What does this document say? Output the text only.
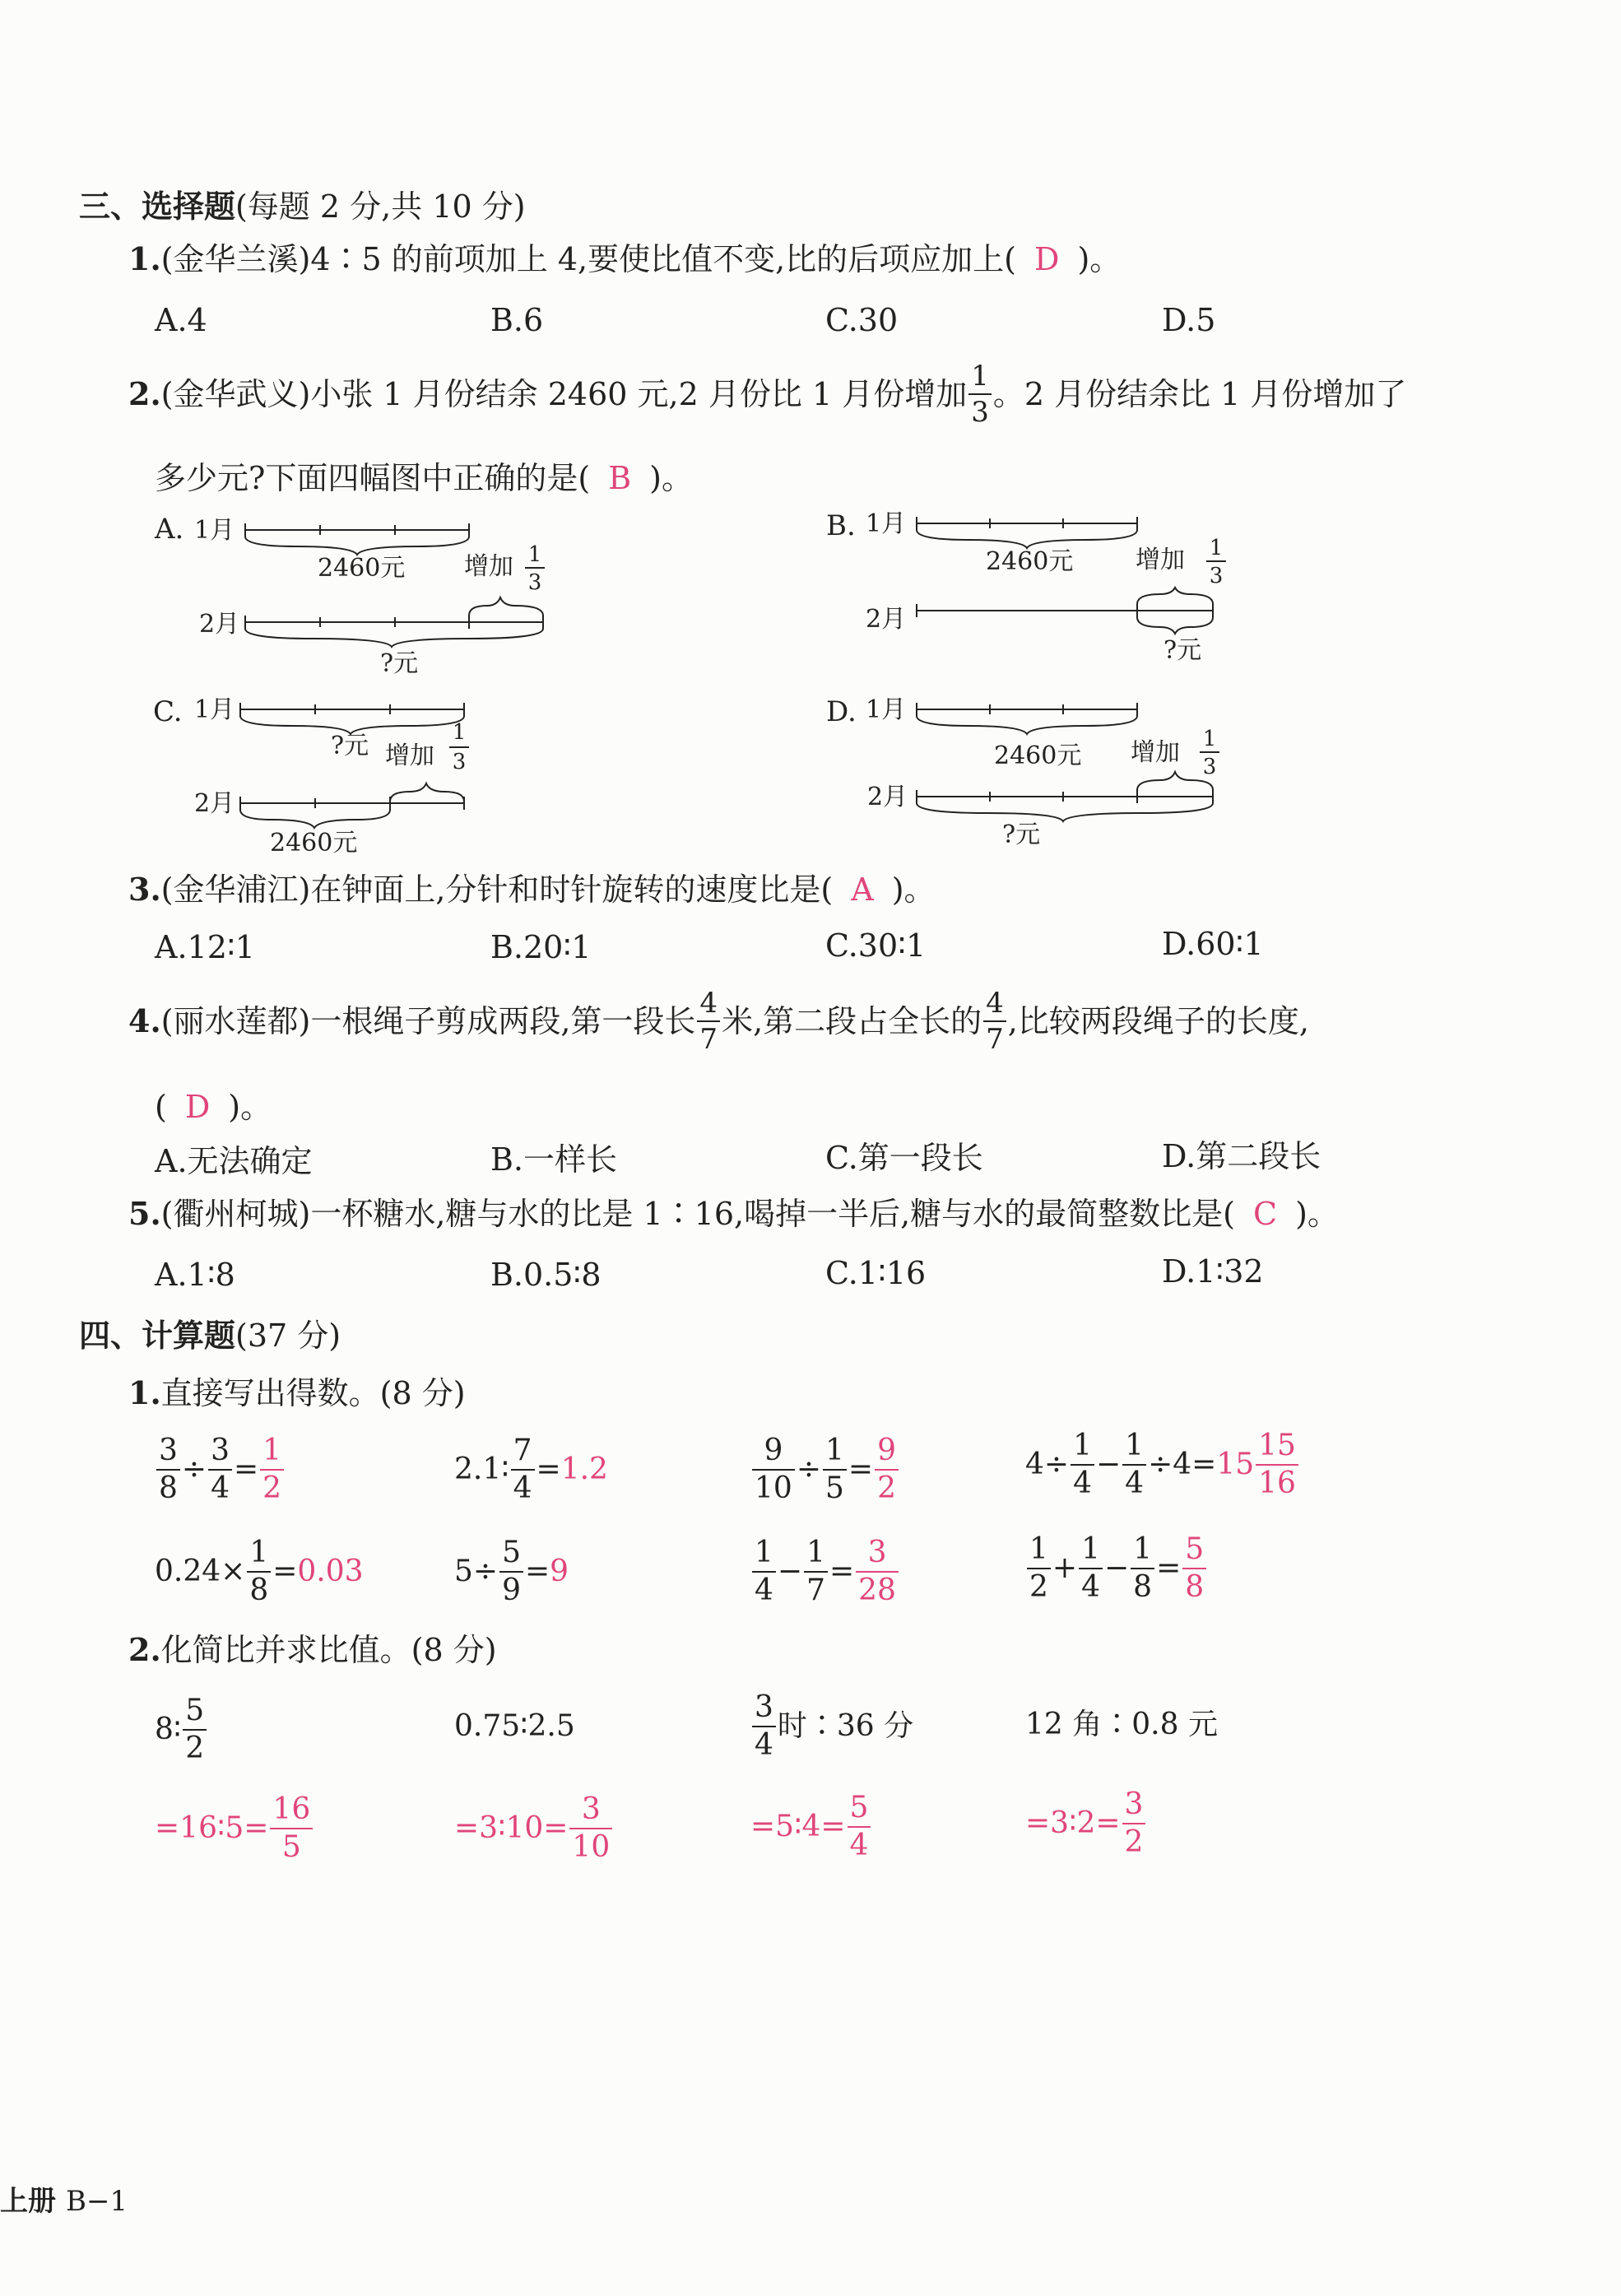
三、选择题(每题 2 分,共 10 分)
1.(金华兰溪)4∶5 的前项加上 4,要使比值不变,比的后项应加上( D )。
A.4	B.6	C.30	D.5
2. (金华武义) 小张 1 月份结余 2460 元,2 月份比 1 月份增加 $\frac{1}{3}$ 。2 月份结余比 1 月份增加了
多少元?下面四幅图中正确的是( B )。
A. 1月
2460元 增加 1
3
2月
?元
B. 1月
2460元	增加 1
3
2月
?元
C. 1月
?元 增加
1
3
2月
2460元
D. 1月
2460元 增加 1
3
2月
?元
3.(金华浦江)在钟面上,分针和时针旋转的速度比是( A )。
A.12∶1	B.20∶1	C.30∶1	D.60∶1
4. (丽水莲都) 一根绳子剪成两段,第一段长 $\frac{4}{7}$ 米,第二段占全长的 $\frac{4}{7}$ ,比较两段绳子的长度,
( D )。
A.无法确定	B.一样长	C.第一段长	D.第二段长
5.(衢州柯城)一杯糖水,糖与水的比是 1∶16,喝掉一半后,糖与水的最简整数比是( C )。
A.1∶8	B.0.5∶8	C.1∶16	D.1∶32
四、计算题(37 分)
1.直接写出得数。(8 分)
$\frac{3}{8} \div \frac{3}{4} = \frac{1}{2}$	2.1∶ $\frac{7}{4} = 1.2$	$\frac{9}{10} \div \frac{1}{5} = \frac{9}{2}$	$4\div \frac{1}{4} - \frac{1}{4} \div 4 = 15 \frac{15}{16}$
$0.24\times \frac{1}{8} = 0.03$	$5\div \frac{5}{9} = 9$	$\frac{1}{4} - \frac{1}{7} = \frac{3}{28}$	$\frac{1}{2} + \frac{1}{4} - \frac{1}{8} = \frac{5}{8}$
2.化简比并求比值。(8 分)
8∶ $\frac{5}{2}$	0.75∶2.5	$\frac{3}{4}$ 时∶36 分	12 角∶0.8 元
=16∶5= $\frac{16}{5}$	=3∶10= $\frac{3}{10}$	=5∶4= $\frac{5}{4}$	=3∶2= $\frac{3}{2}$
上册 B−1
